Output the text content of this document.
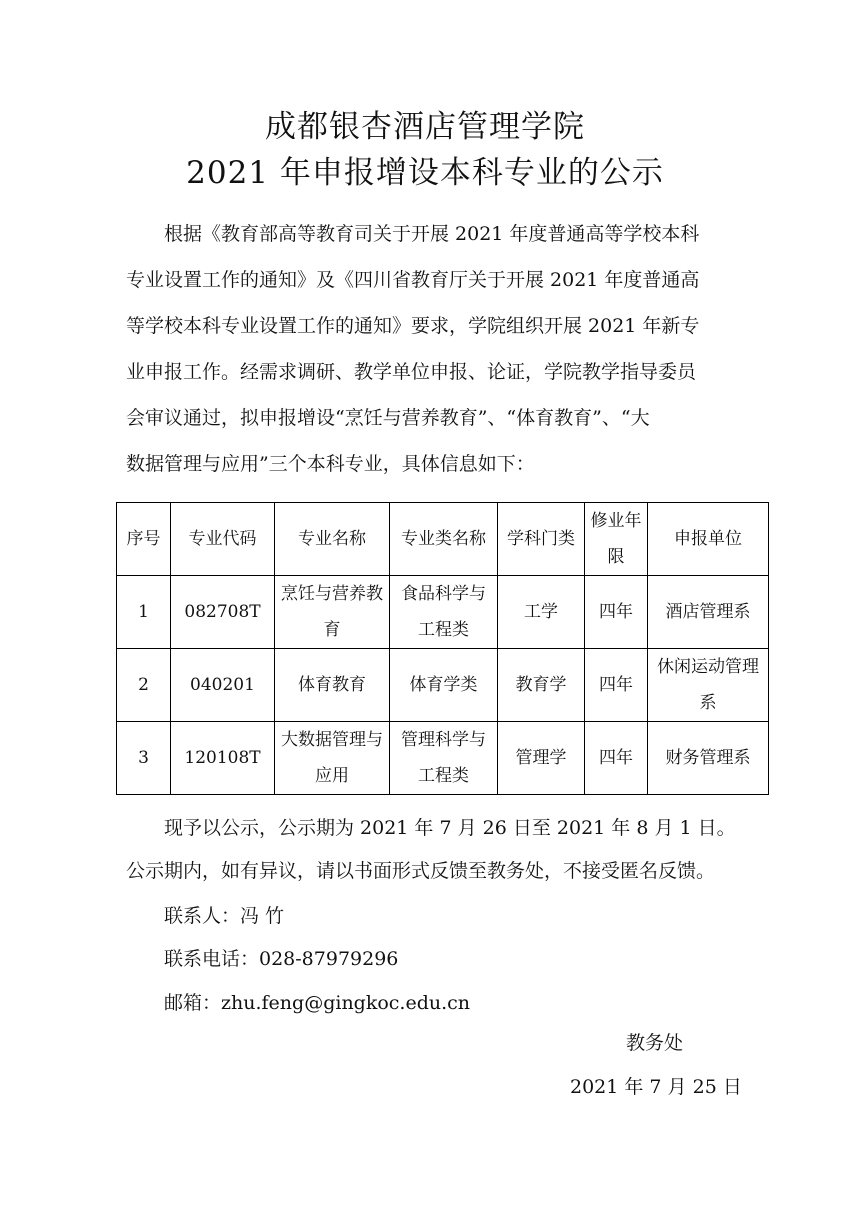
成都银杏酒店管理学院
2021 年申报增设本科专业的公示
根据《教育部高等教育司关于开展 2021 年度普通高等学校本科
专业设置工作的通知》及《四川省教育厅关于开展 2021 年度普通高
等学校本科专业设置工作的通知》要求，学院组织开展 2021 年新专
业申报工作。经需求调研、教学单位申报、论证，学院教学指导委员
会审议通过，拟申报增设“烹饪与营养教育”、“体育教育”、“大
数据管理与应用”三个本科专业，具体信息如下：
序号	专业代码	专业名称	专业类名称	学科门类	修业年限	申报单位
1	082708T	烹饪与营养教育	食品科学与工程类	工学	四年	酒店管理系
2	040201	体育教育	体育学类	教育学	四年	休闲运动管理系
3	120108T	大数据管理与应用	管理科学与工程类	管理学	四年	财务管理系
现予以公示，公示期为 2021 年 7 月 26 日至 2021 年 8 月 1 日。
公示期内，如有异议，请以书面形式反馈至教务处，不接受匿名反馈。
联系人：冯 竹
联系电话：028-87979296
邮箱：zhu.feng@gingkoc.edu.cn
教务处
2021 年 7 月 25 日
